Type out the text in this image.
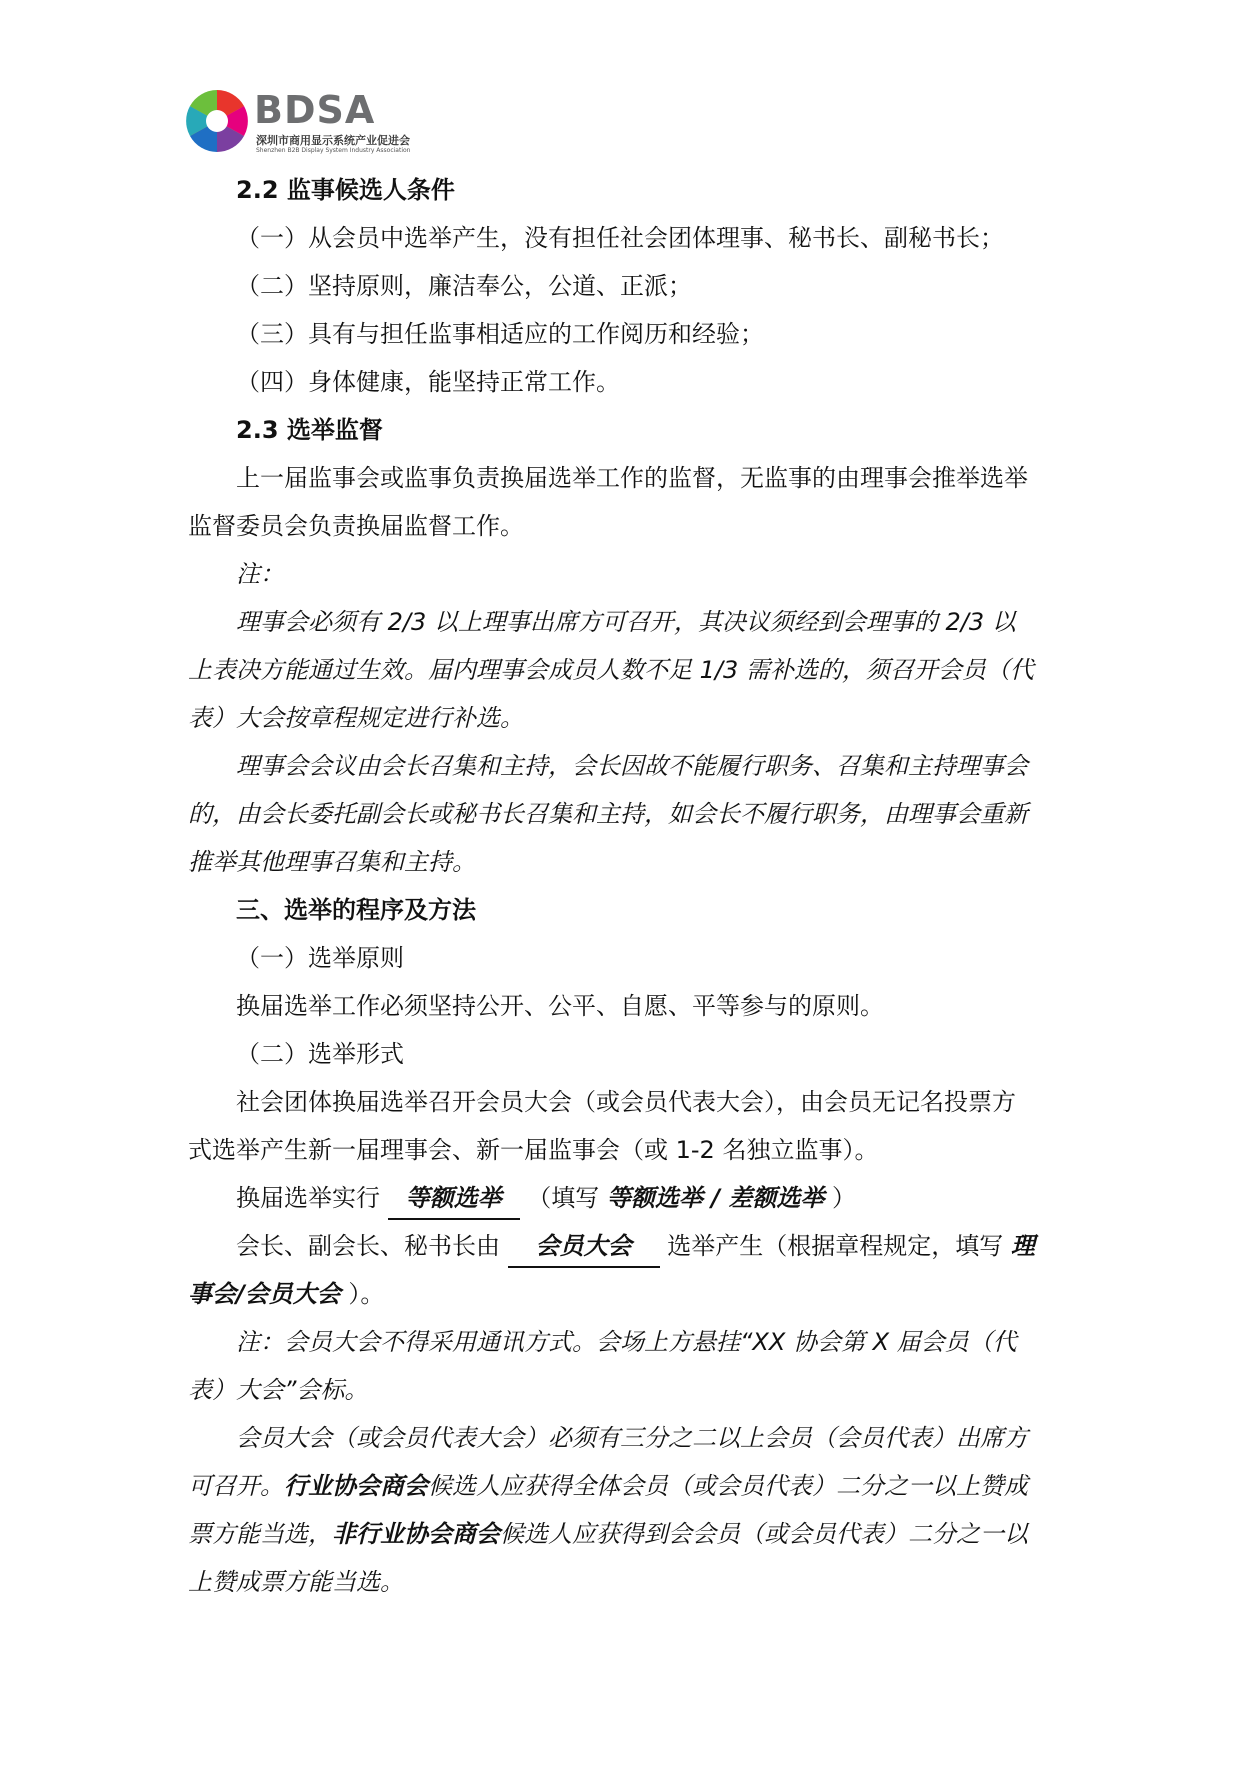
BDSA
深圳市商用显示系统产业促进会
Shenzhen B2B Display System Industry Association
2.2 监事候选人条件
（一）从会员中选举产生，没有担任社会团体理事、秘书长、副秘书长；
（二）坚持原则，廉洁奉公，公道、正派；
（三）具有与担任监事相适应的工作阅历和经验；
（四）身体健康，能坚持正常工作。
2.3 选举监督
上一届监事会或监事负责换届选举工作的监督，无监事的由理事会推举选举
监督委员会负责换届监督工作。
注：
理事会必须有 2/3 以上理事出席方可召开，其决议须经到会理事的 2/3 以
上表决方能通过生效。届内理事会成员人数不足 1/3 需补选的，须召开会员（代
表）大会按章程规定进行补选。
理事会会议由会长召集和主持，会长因故不能履行职务、召集和主持理事会
的，由会长委托副会长或秘书长召集和主持，如会长不履行职务，由理事会重新
推举其他理事召集和主持。
三、选举的程序及方法
（一）选举原则
换届选举工作必须坚持公开、公平、自愿、平等参与的原则。
（二）选举形式
社会团体换届选举召开会员大会（或会员代表大会），由会员无记名投票方
式选举产生新一届理事会、新一届监事会（或 1-2 名独立监事）。
换届选举实行 等额选举 （填写 等额选举 / 差额选举 ）
会长、副会长、秘书长由 会员大会 选举产生（根据章程规定，填写 理
事会/会员大会 ）。
注：会员大会不得采用通讯方式。会场上方悬挂“XX 协会第 X 届会员（代
表）大会”会标。
会员大会（或会员代表大会）必须有三分之二以上会员（会员代表）出席方
可召开。行业协会商会候选人应获得全体会员（或会员代表）二分之一以上赞成
票方能当选，非行业协会商会候选人应获得到会会员（或会员代表）二分之一以
上赞成票方能当选。
